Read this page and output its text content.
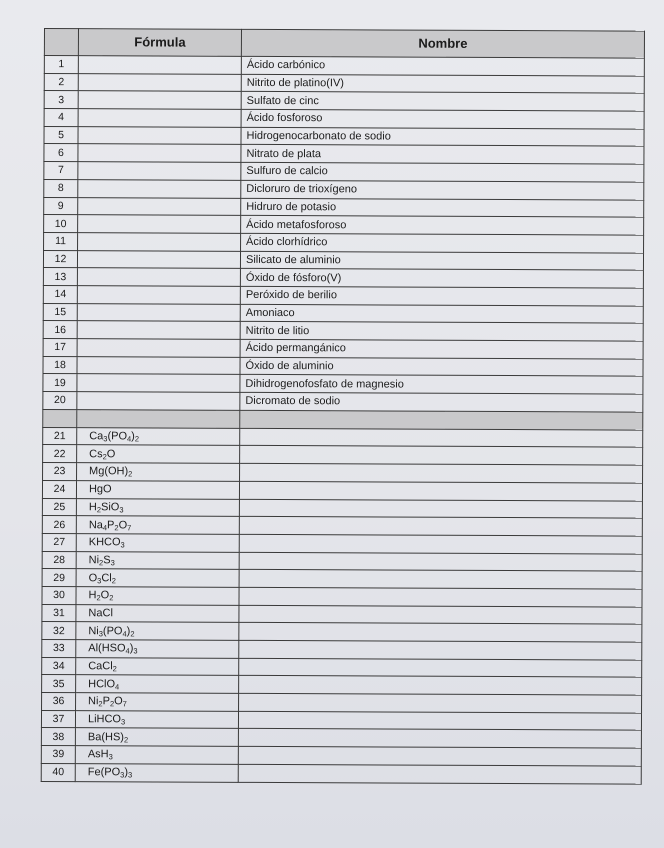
	Fórmula	Nombre
1		Ácido carbónico
2		Nitrito de platino(IV)
3		Sulfato de cinc
4		Ácido fosforoso
5		Hidrogenocarbonato de sodio
6		Nitrato de plata
7		Sulfuro de calcio
8		Dicloruro de trioxígeno
9		Hidruro de potasio
10		Ácido metafosforoso
11		Ácido clorhídrico
12		Silicato de aluminio
13		Óxido de fósforo(V)
14		Peróxido de berilio
15		Amoniaco
16		Nitrito de litio
17		Ácido permangánico
18		Óxido de aluminio
19		Dihidrogenofosfato de magnesio
20		Dicromato de sodio

21	$Ca_3(PO_4)_2$	
22	$Cs_2O$	
23	$Mg(OH)_2$	
24	HgO	
25	$H_2SiO_3$	
26	$Na_4P_2O_7$	
27	$KHCO_3$	
28	$Ni_2S_3$	
29	$O_3Cl_2$	
30	$H_2O_2$	
31	NaCl	
32	$Ni_3(PO_4)_2$	
33	$Al(HSO_4)_3$	
34	CaCl$_2$	
35	HClO$_4$	
36	$Ni_2P_2O_7$	
37	LiHCO$_3$	
38	$Ba(HS)_2$	
39	AsH$_3$	
40	$Fe(PO_3)_3$	
